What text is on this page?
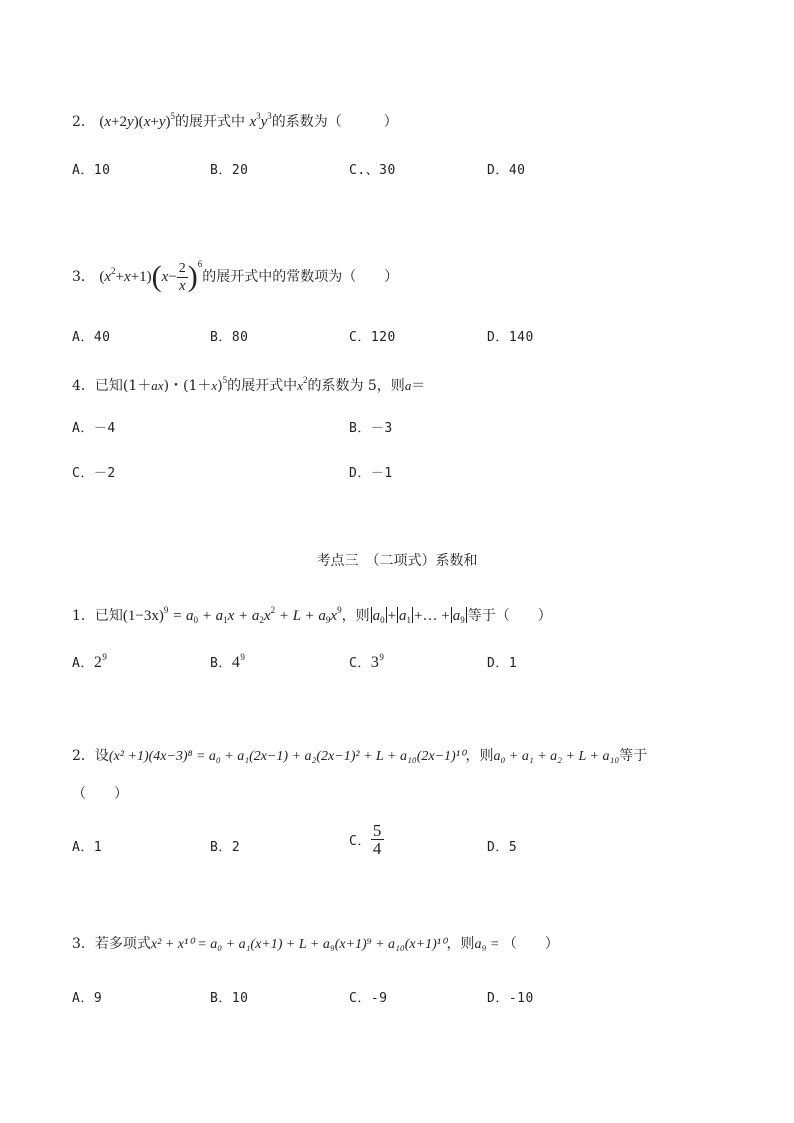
2． $(x+2y)(x+y)^5$的展开式中 $x^3y^3$的系数为（　　　）
A．10	B．20	C.、30	D．40
3． $(x^2+x+1)(x- \frac{2}{x} )^6$的展开式中的常数项为（　　）
A．40	B．80	C．120	D．140
4．已知(1＋ax)・$(1+x)^5$的展开式中$x^2$的系数为 5，则a＝
A．－4	B．－3
C．－2	D．－1
考点三　（二项式）系数和
1．已知$(1-3x)^9 = a_0 + a_1x + a_2x^2 + L + a_9x^9$，则 $a_0 + a_1$ +… + $a_9$ 等于（　　）
A．$2^9$	B．$4^9$	C．$3^9$	D．1
2．设(x² +1)(4x−3)⁸ = a₀ + a₁(2x−1) + a₂(2x−1)² + L + a₁₀(2x−1)¹⁰，则a₀ + a₁ + a₂ + L + a₁₀等于
（　　）
A．1	B．2	C． $\frac{5}{4}$	D．5
3．若多项式x² + x¹⁰ = a₀ + a₁(x+1) + L + a₉(x+1)⁹ + a₁₀(x+1)¹⁰，则a₉ = （　　）
A．9	B．10	C．-9	D．-10
